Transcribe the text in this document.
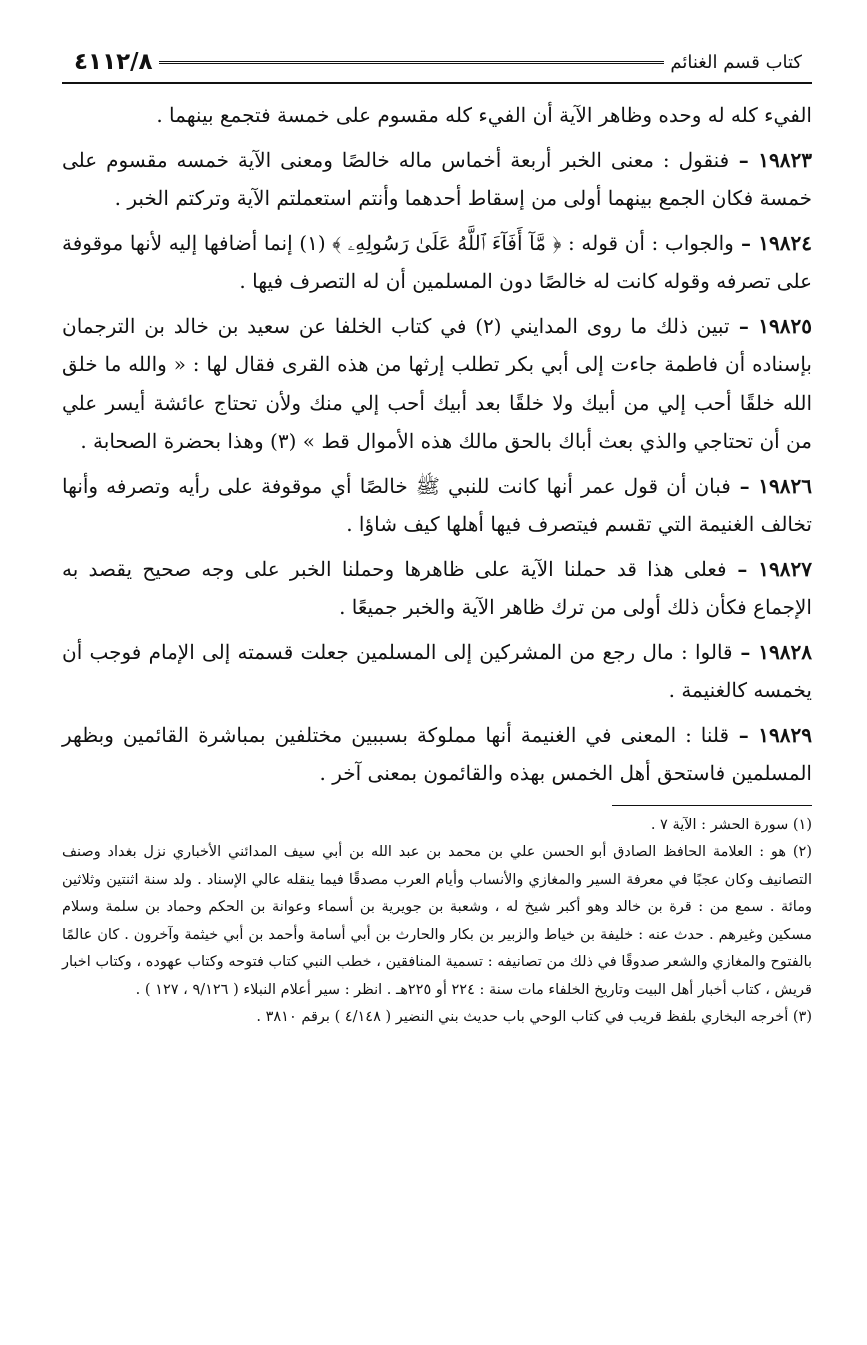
كتاب قسم الغنائم
٤١١٢/٨

الفيء كله له وحده وظاهر الآية أن الفيء كله مقسوم على خمسة فتجمع بينهما .

١٩٨٢٣ – فنقول : معنى الخبر أربعة أخماس ماله خالصًا ومعنى الآية خمسه مقسوم على خمسة فكان الجمع بينهما أولى من إسقاط أحدهما وأنتم استعملتم الآية وتركتم الخبر .

١٩٨٢٤ – والجواب : أن قوله : ﴿ مَّآ أَفَآءَ ٱللَّهُ عَلَىٰ رَسُولِهِۦ ﴾ (١) إنما أضافها إليه لأنها موقوفة على تصرفه وقوله كانت له خالصًا دون المسلمين أن له التصرف فيها .

١٩٨٢٥ – تبين ذلك ما روى المدايني (٢) في كتاب الخلفا عن سعيد بن خالد بن الترجمان بإسناده أن فاطمة جاءت إلى أبي بكر تطلب إرثها من هذه القرى فقال لها : « والله ما خلق الله خلقًا أحب إلي من أبيك ولا خلقًا بعد أبيك أحب إلي منك ولأن تحتاج عائشة أيسر علي من أن تحتاجي والذي بعث أباك بالحق مالك هذه الأموال قط » (٣) وهذا بحضرة الصحابة .

١٩٨٢٦ – فبان أن قول عمر أنها كانت للنبي ﷺ خالصًا أي موقوفة على رأيه وتصرفه وأنها تخالف الغنيمة التي تقسم فيتصرف فيها أهلها كيف شاؤا .

١٩٨٢٧ – فعلى هذا قد حملنا الآية على ظاهرها وحملنا الخبر على وجه صحيح يقصد به الإجماع فكأن ذلك أولى من ترك ظاهر الآية والخبر جميعًا .

١٩٨٢٨ – قالوا : مال رجع من المشركين إلى المسلمين جعلت قسمته إلى الإمام فوجب أن يخمسه كالغنيمة .

١٩٨٢٩ – قلنا : المعنى في الغنيمة أنها مملوكة بسببين مختلفين بمباشرة القائمين وبظهر المسلمين فاستحق أهل الخمس بهذه والقائمون بمعنى آخر .

(١) سورة الحشر : الآية ٧ .

(٢) هو : العلامة الحافظ الصادق أبو الحسن علي بن محمد بن عبد الله بن أبي سيف المدائني الأخباري نزل بغداد وصنف التصانيف وكان عجبًا في معرفة السير والمغازي والأنساب وأيام العرب مصدقًا فيما ينقله عالي الإسناد . ولد سنة اثنتين وثلاثين ومائة . سمع من : قرة بن خالد وهو أكبر شيخ له ، وشعبة بن جويرية بن أسماء وعوانة بن الحكم وحماد بن سلمة وسلام مسكين وغيرهم . حدث عنه : خليفة بن خياط والزبير بن بكار والحارث بن أبي أسامة وأحمد بن أبي خيثمة وآخرون . كان عالمًا بالفتوح والمغازي والشعر صدوقًا في ذلك من تصانيفه : تسمية المنافقين ، خطب النبي كتاب فتوحه وكتاب عهوده ، وكتاب اخبار قريش ، كتاب أخبار أهل البيت وتاريخ الخلفاء مات سنة : ٢٢٤ أو ٢٢٥هـ . انظر : سير أعلام النبلاء ( ٩/١٢٦ ، ١٢٧ ) .

(٣) أخرجه البخاري بلفظ قريب في كتاب الوحي باب حديث بني النضير ( ٤/١٤٨ ) برقم ٣٨١٠ .
